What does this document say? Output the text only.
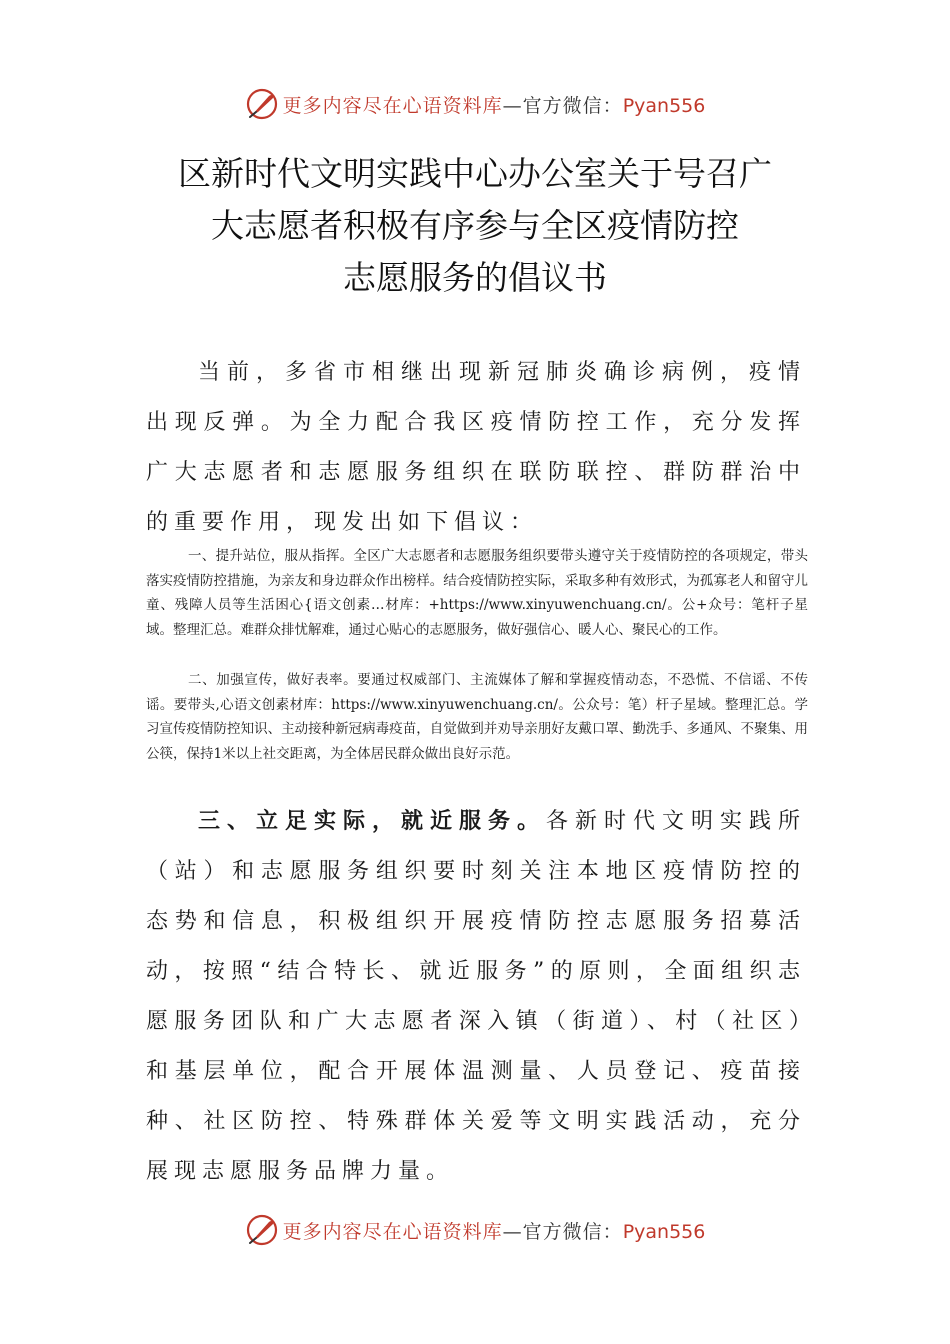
更多内容尽在心语资料库—官方微信：Pyan556
区新时代文明实践中心办公室关于号召广
大志愿者积极有序参与全区疫情防控
志愿服务的倡议书

当前，多省市相继出现新冠肺炎确诊病例，疫情出现反弹。为全力配合我区疫情防控工作，充分发挥广大志愿者和志愿服务组织在联防联控、群防群治中的重要作用，现发出如下倡议：

一、提升站位，服从指挥。全区广大志愿者和志愿服务组织要带头遵守关于疫情防控的各项规定，带头落实疫情防控措施，为亲友和身边群众作出榜样。结合疫情防控实际，采取多种有效形式，为孤寡老人和留守儿童、残障人员等生活困心{语文创素…材库：+https://www.xinyuwenchuang.cn/。公+众号：笔杆子星域。整理汇总。难群众排忧解难，通过心贴心的志愿服务，做好强信心、暖人心、聚民心的工作。

二、加强宣传，做好表率。要通过权威部门、主流媒体了解和掌握疫情动态，不恐慌、不信谣、不传谣。要带头,心语文创素材库：https://www.xinyuwenchuang.cn/。公众号：笔）杆子星域。整理汇总。学习宣传疫情防控知识、主动接种新冠病毒疫苗，自觉做到并劝导亲朋好友戴口罩、勤洗手、多通风、不聚集、用公筷，保持1米以上社交距离，为全体居民群众做出良好示范。

三、立足实际，就近服务。各新时代文明实践所（站）和志愿服务组织要时刻关注本地区疫情防控的态势和信息，积极组织开展疫情防控志愿服务招募活动，按照“结合特长、就近服务”的原则，全面组织志愿服务团队和广大志愿者深入镇（街道）、村（社区）和基层单位，配合开展体温测量、人员登记、疫苗接种、社区防控、特殊群体关爱等文明实践活动，充分展现志愿服务品牌力量。

更多内容尽在心语资料库—官方微信：Pyan556
